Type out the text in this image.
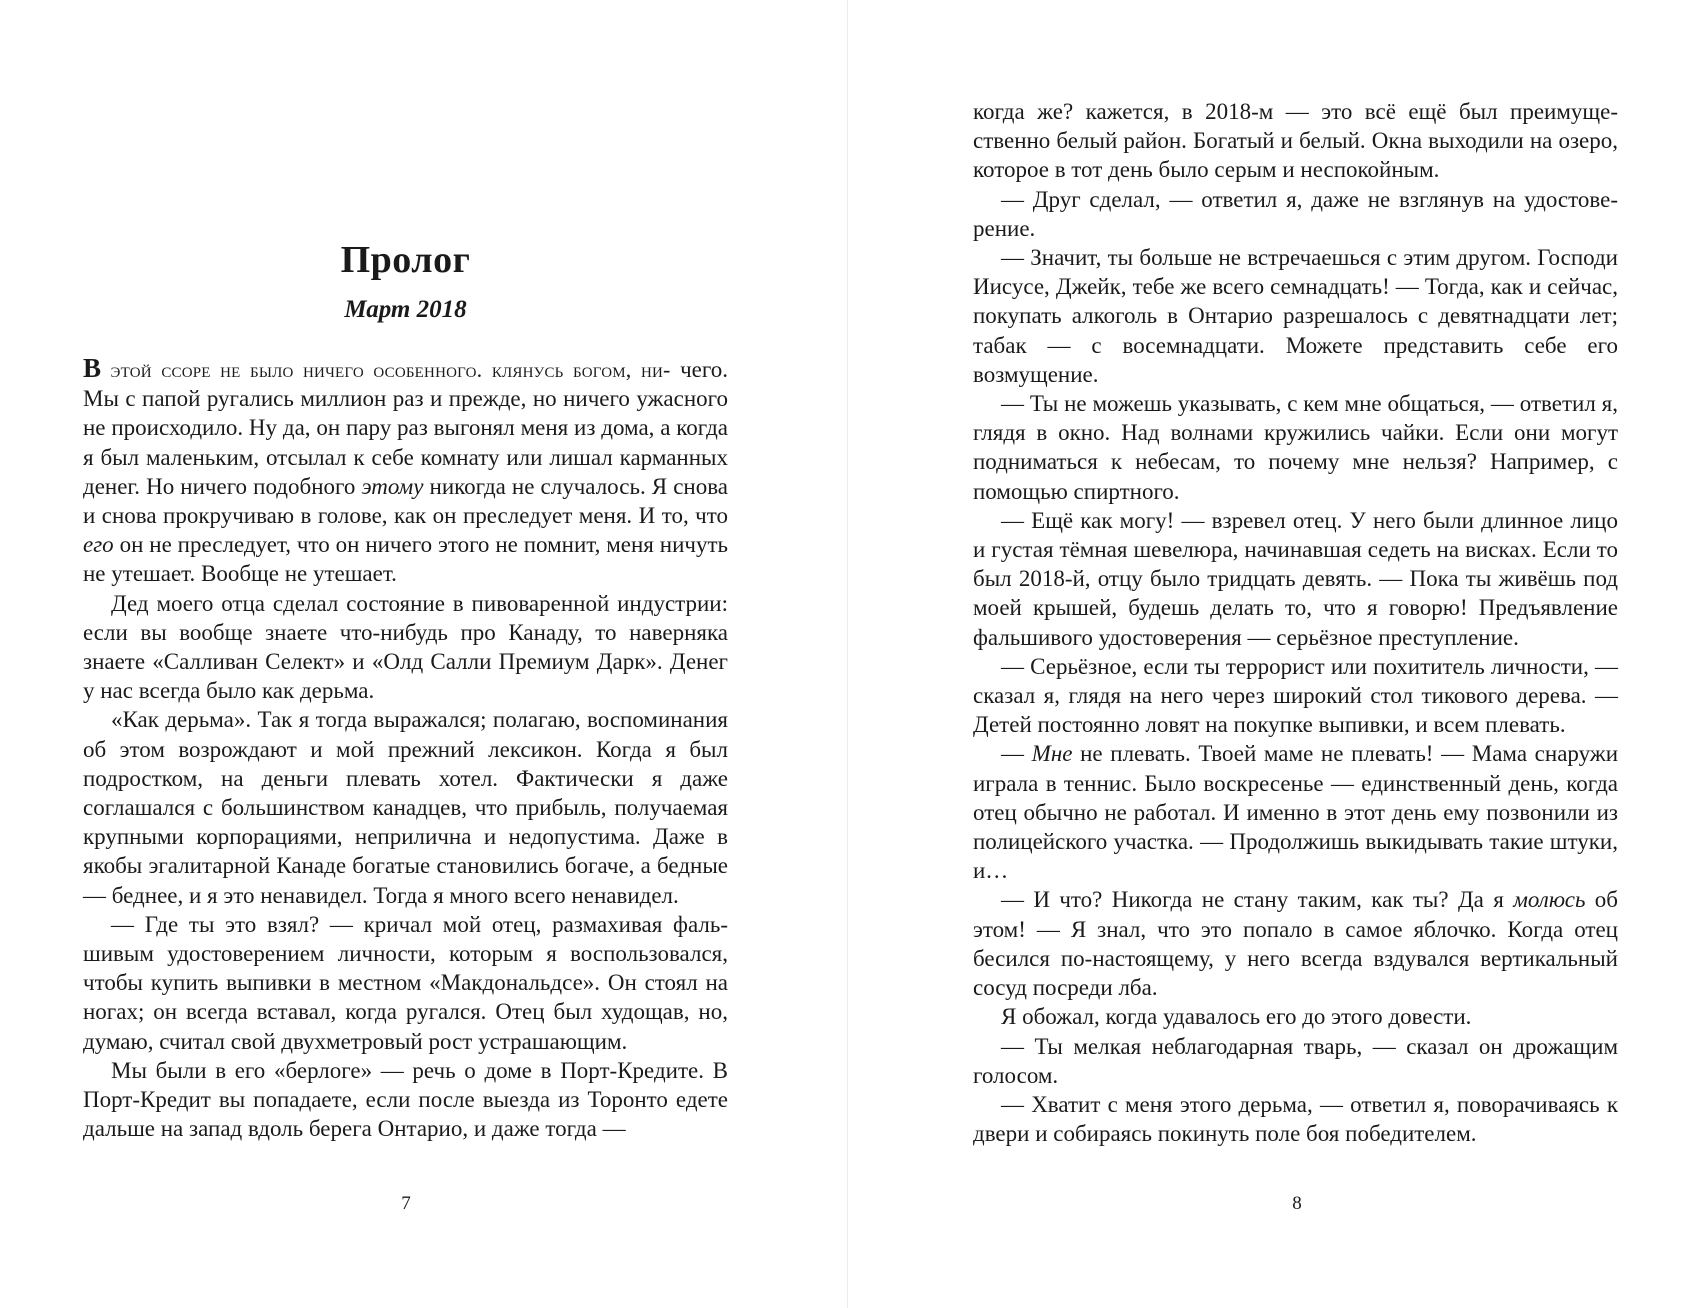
Пролог
Март 2018

В этой ссоре не было ничего особенного. клянусь богом, ни- чего. Мы с папой ругались миллион раз и прежде, но ничего ужасного не происходило. Ну да, он пару раз выгонял меня из дома, а когда я был маленьким, отсылал к себе комнату или лишал карманных денег. Но ничего подобного этому никогда не случалось. Я снова и снова прокручиваю в голове, как он преследует меня. И то, что его он не преследует, что он ничего этого не помнит, меня ничуть не утешает. Вообще не утешает.

Дед моего отца сделал состояние в пивоваренной индустрии: если вы вообще знаете что-нибудь про Канаду, то наверняка знаете «Салливан Селект» и «Олд Салли Премиум Дарк». Денег у нас всегда было как дерьма.

«Как дерьма». Так я тогда выражался; полагаю, воспоминания об этом возрождают и мой прежний лексикон. Когда я был подростком, на деньги плевать хотел. Фактически я даже соглашался с большинством канадцев, что прибыль, получаемая крупными корпорациями, неприлична и недопустима. Даже в якобы эгалитарной Канаде богатые становились богаче, а бедные — беднее, и я это ненавидел. Тогда я много всего ненавидел.

— Где ты это взял? — кричал мой отец, размахивая фальшивым удостоверением личности, которым я воспользовался, чтобы купить выпивки в местном «Макдональдсе». Он стоял на ногах; он всегда вставал, когда ругался. Отец был худощав, но, думаю, считал свой двухметровый рост устрашающим.

Мы были в его «берлоге» — речь о доме в Порт-Кредите. В Порт-Кредит вы попадаете, если после выезда из Торонто едете дальше на запад вдоль берега Онтарио, и даже тогда —

7

когда же? кажется, в 2018-м — это всё ещё был преимущественно белый район. Богатый и белый. Окна выходили на озеро, которое в тот день было серым и неспокойным.

— Друг сделал, — ответил я, даже не взглянув на удостоверение.

— Значит, ты больше не встречаешься с этим другом. Господи Иисусе, Джейк, тебе же всего семнадцать! — Тогда, как и сейчас, покупать алкоголь в Онтарио разрешалось с девятнадцати лет; табак — с восемнадцати. Можете представить себе его возмущение.

— Ты не можешь указывать, с кем мне общаться, — ответил я, глядя в окно. Над волнами кружились чайки. Если они могут подниматься к небесам, то почему мне нельзя? Например, с помощью спиртного.

— Ещё как могу! — взревел отец. У него были длинное лицо и густая тёмная шевелюра, начинавшая седеть на висках. Если то был 2018-й, отцу было тридцать девять. — Пока ты живёшь под моей крышей, будешь делать то, что я говорю! Предъявление фальшивого удостоверения — серьёзное преступление.

— Серьёзное, если ты террорист или похититель личности, — сказал я, глядя на него через широкий стол тикового дерева. — Детей постоянно ловят на покупке выпивки, и всем плевать.

— Мне не плевать. Твоей маме не плевать! — Мама снаружи играла в теннис. Было воскресенье — единственный день, когда отец обычно не работал. И именно в этот день ему позвонили из полицейского участка. — Продолжишь выкидывать такие штуки, и…

— И что? Никогда не стану таким, как ты? Да я молюсь об этом! — Я знал, что это попало в самое яблочко. Когда отец бесился по-настоящему, у него всегда вздувался вертикальный сосуд посреди лба.

Я обожал, когда удавалось его до этого довести.

— Ты мелкая неблагодарная тварь, — сказал он дрожащим голосом.

— Хватит с меня этого дерьма, — ответил я, поворачиваясь к двери и собираясь покинуть поле боя победителем.

8
